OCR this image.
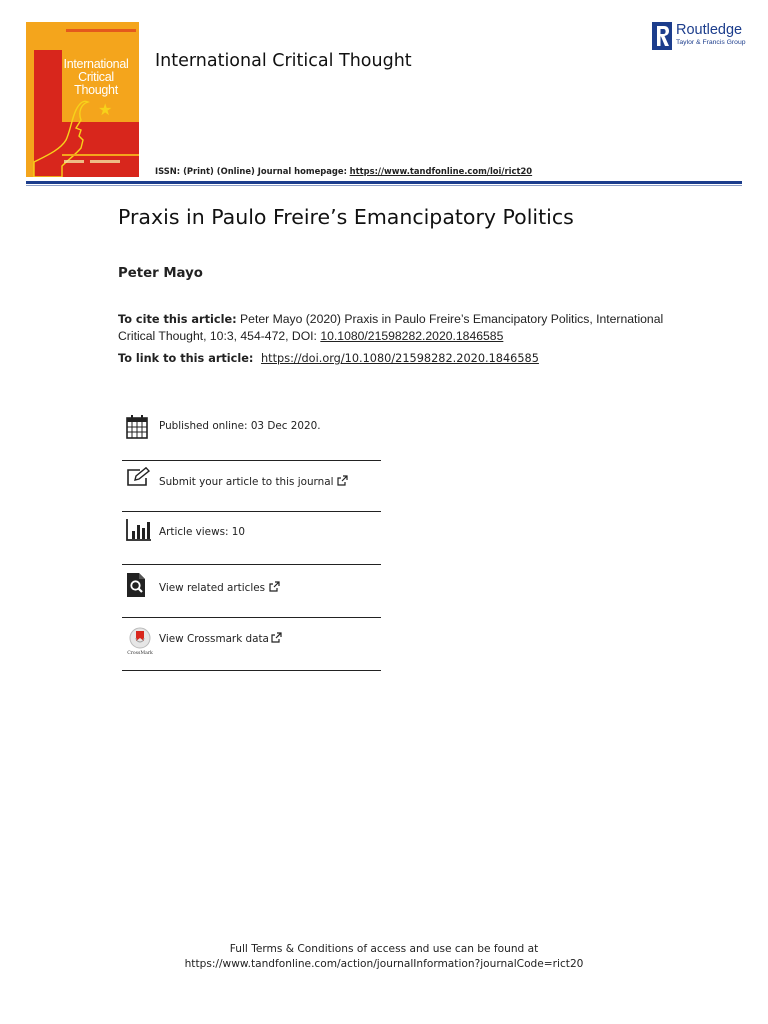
International
Critical
Thought
★
International Critical Thought
ISSN: (Print) (Online) Journal homepage: https://www.tandfonline.com/loi/rict20
Routledge
Taylor & Francis Group
Praxis in Paulo Freire’s Emancipatory Politics
Peter Mayo
To cite this article: Peter Mayo (2020) Praxis in Paulo Freire’s Emancipatory Politics, International Critical Thought, 10:3, 454-472, DOI: 10.1080/21598282.2020.1846585
To link to this article: https://doi.org/10.1080/21598282.2020.1846585
Published online: 03 Dec 2020.
Submit your article to this journal
Article views: 10
View related articles
CrossMark
View Crossmark data
Full Terms & Conditions of access and use can be found at
https://www.tandfonline.com/action/journalInformation?journalCode=rict20
